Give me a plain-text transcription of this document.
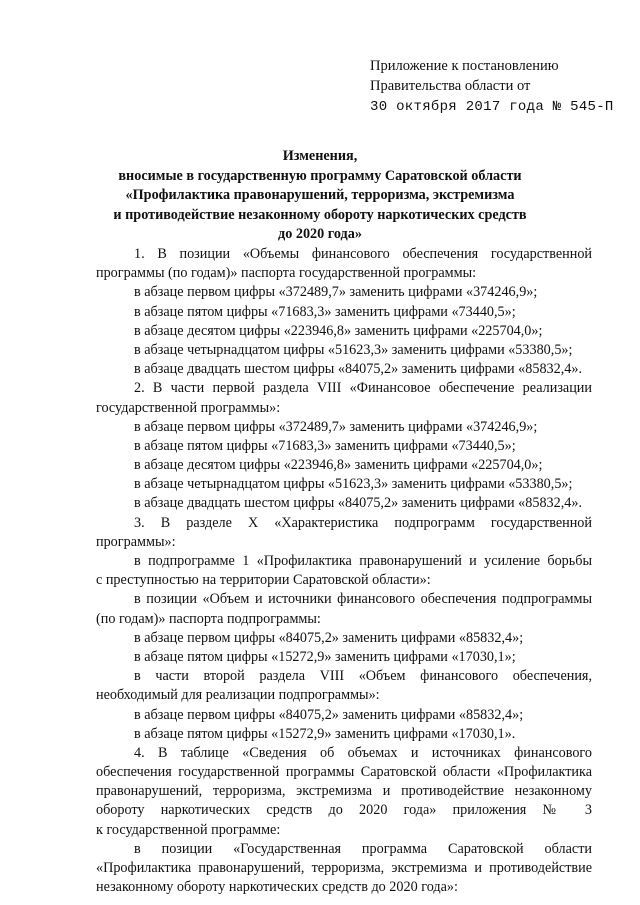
Приложение к постановлению
Правительства области от
30 октября 2017 года № 545-П
Изменения,
вносимые в государственную программу Саратовской области
«Профилактика правонарушений, терроризма, экстремизма
и противодействие незаконному обороту наркотических средств
до 2020 года»
1. В позиции «Объемы финансового обеспечения государственной
программы (по годам)» паспорта государственной программы:
в абзаце первом цифры «372489,7» заменить цифрами «374246,9»;
в абзаце пятом цифры «71683,3» заменить цифрами «73440,5»;
в абзаце десятом цифры «223946,8» заменить цифрами «225704,0»;
в абзаце четырнадцатом цифры «51623,3» заменить цифрами «53380,5»;
в абзаце двадцать шестом цифры «84075,2» заменить цифрами «85832,4».
2. В части первой раздела VIII «Финансовое обеспечение реализации
государственной программы»:
в абзаце первом цифры «372489,7» заменить цифрами «374246,9»;
в абзаце пятом цифры «71683,3» заменить цифрами «73440,5»;
в абзаце десятом цифры «223946,8» заменить цифрами «225704,0»;
в абзаце четырнадцатом цифры «51623,3» заменить цифрами «53380,5»;
в абзаце двадцать шестом цифры «84075,2» заменить цифрами «85832,4».
3. В разделе X «Характеристика подпрограмм государственной
программы»:
в подпрограмме 1 «Профилактика правонарушений и усиление борьбы
с преступностью на территории Саратовской области»:
в позиции «Объем и источники финансового обеспечения подпрограммы
(по годам)» паспорта подпрограммы:
в абзаце первом цифры «84075,2» заменить цифрами «85832,4»;
в абзаце пятом цифры «15272,9» заменить цифрами «17030,1»;
в части второй раздела VIII «Объем финансового обеспечения,
необходимый для реализации подпрограммы»:
в абзаце первом цифры «84075,2» заменить цифрами «85832,4»;
в абзаце пятом цифры «15272,9» заменить цифрами «17030,1».
4. В таблице «Сведения об объемах и источниках финансового
обеспечения государственной программы Саратовской области «Профилактика
правонарушений, терроризма, экстремизма и противодействие незаконному
обороту наркотических средств до 2020 года» приложения № 3
к государственной программе:
в позиции «Государственная программа Саратовской области
«Профилактика правонарушений, терроризма, экстремизма и противодействие
незаконному обороту наркотических средств до 2020 года»:
